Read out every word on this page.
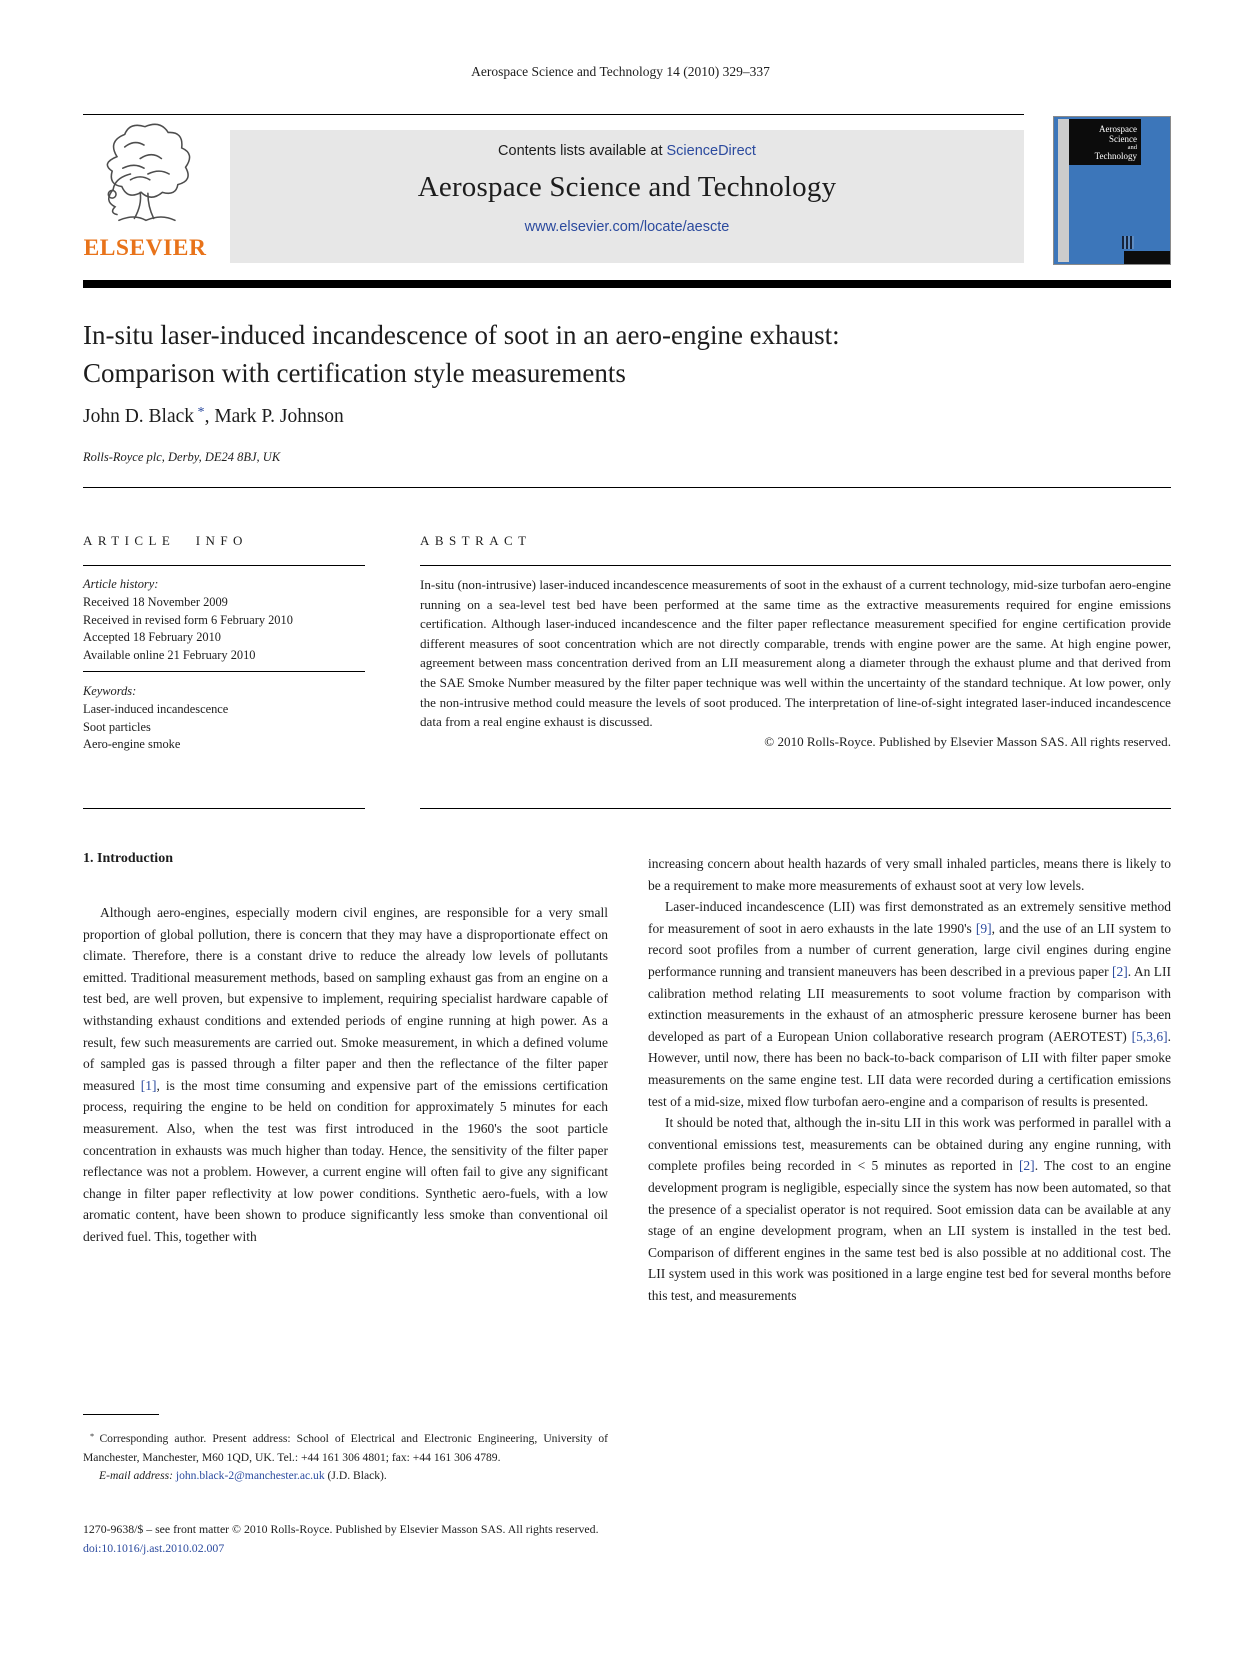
Aerospace Science and Technology 14 (2010) 329–337
ELSEVIER
Contents lists available at ScienceDirect
Aerospace Science and Technology
www.elsevier.com/locate/aescte
Aerospace
Science
and
Technology
In-situ laser-induced incandescence of soot in an aero-engine exhaust:
Comparison with certification style measurements
John D. Black *, Mark P. Johnson
Rolls-Royce plc, Derby, DE24 8BJ, UK
ARTICLE INFO	ABSTRACT
Article history:
Received 18 November 2009
Received in revised form 6 February 2010
Accepted 18 February 2010
Available online 21 February 2010
Keywords:
Laser-induced incandescence
Soot particles
Aero-engine smoke
In-situ (non-intrusive) laser-induced incandescence measurements of soot in the exhaust of a current technology, mid-size turbofan aero-engine running on a sea-level test bed have been performed at the same time as the extractive measurements required for engine emissions certification. Although laser-induced incandescence and the filter paper reflectance measurement specified for engine certification provide different measures of soot concentration which are not directly comparable, trends with engine power are the same. At high engine power, agreement between mass concentration derived from an LII measurement along a diameter through the exhaust plume and that derived from the SAE Smoke Number measured by the filter paper technique was well within the uncertainty of the standard technique. At low power, only the non-intrusive method could measure the levels of soot produced. The interpretation of line-of-sight integrated laser-induced incandescence data from a real engine exhaust is discussed.
© 2010 Rolls-Royce. Published by Elsevier Masson SAS. All rights reserved.
1. Introduction

Although aero-engines, especially modern civil engines, are responsible for a very small proportion of global pollution, there is concern that they may have a disproportionate effect on climate. Therefore, there is a constant drive to reduce the already low levels of pollutants emitted. Traditional measurement methods, based on sampling exhaust gas from an engine on a test bed, are well proven, but expensive to implement, requiring specialist hardware capable of withstanding exhaust conditions and extended periods of engine running at high power. As a result, few such measurements are carried out. Smoke measurement, in which a defined volume of sampled gas is passed through a filter paper and then the reflectance of the filter paper measured [1], is the most time consuming and expensive part of the emissions certification process, requiring the engine to be held on condition for approximately 5 minutes for each measurement. Also, when the test was first introduced in the 1960's the soot particle concentration in exhausts was much higher than today. Hence, the sensitivity of the filter paper reflectance was not a problem. However, a current engine will often fail to give any significant change in filter paper reflectivity at low power conditions. Synthetic aero-fuels, with a low aromatic content, have been shown to produce significantly less smoke than conventional oil derived fuel. This, together with

increasing concern about health hazards of very small inhaled particles, means there is likely to be a requirement to make more measurements of exhaust soot at very low levels.

Laser-induced incandescence (LII) was first demonstrated as an extremely sensitive method for measurement of soot in aero exhausts in the late 1990's [9], and the use of an LII system to record soot profiles from a number of current generation, large civil engines during engine performance running and transient maneuvers has been described in a previous paper [2]. An LII calibration method relating LII measurements to soot volume fraction by comparison with extinction measurements in the exhaust of an atmospheric pressure kerosene burner has been developed as part of a European Union collaborative research program (AEROTEST) [5,3,6]. However, until now, there has been no back-to-back comparison of LII with filter paper smoke measurements on the same engine test. LII data were recorded during a certification emissions test of a mid-size, mixed flow turbofan aero-engine and a comparison of results is presented.

It should be noted that, although the in-situ LII in this work was performed in parallel with a conventional emissions test, measurements can be obtained during any engine running, with complete profiles being recorded in < 5 minutes as reported in [2]. The cost to an engine development program is negligible, especially since the system has now been automated, so that the presence of a specialist operator is not required. Soot emission data can be available at any stage of an engine development program, when an LII system is installed in the test bed. Comparison of different engines in the same test bed is also possible at no additional cost. The LII system used in this work was positioned in a large engine test bed for several months before this test, and measurements

* Corresponding author. Present address: School of Electrical and Electronic Engineering, University of Manchester, Manchester, M60 1QD, UK. Tel.: +44 161 306 4801; fax: +44 161 306 4789.
E-mail address: john.black-2@manchester.ac.uk (J.D. Black).
1270-9638/$ – see front matter © 2010 Rolls-Royce. Published by Elsevier Masson SAS. All rights reserved.
doi:10.1016/j.ast.2010.02.007
